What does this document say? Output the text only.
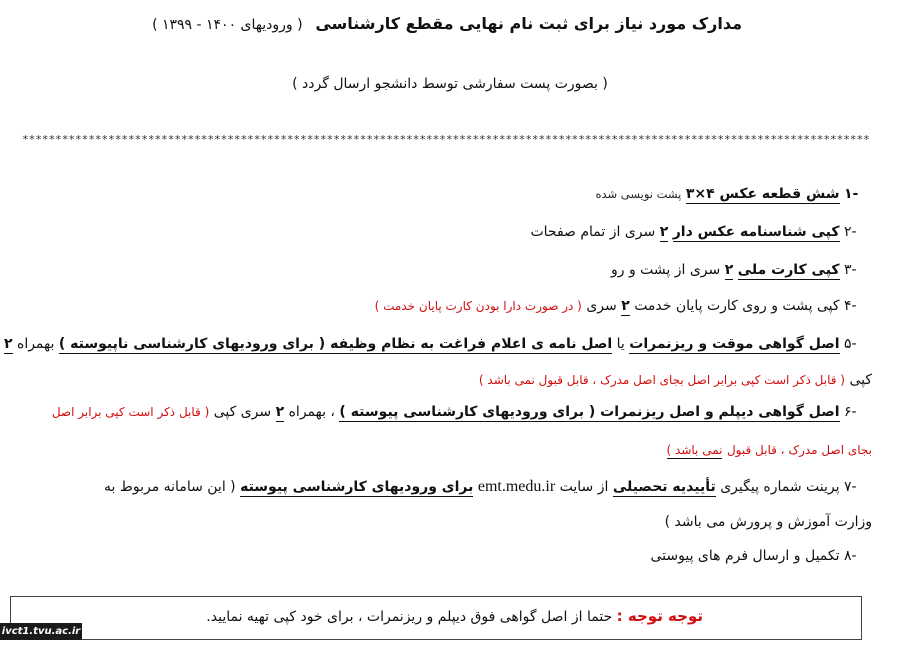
مدارک مورد نیاز برای ثبت نام نهایی مقطع کارشناسی ( ورودیهای ۱۴۰۰ - ۱۳۹۹ )
( بصورت پست سفارشی توسط دانشجو ارسال گردد )
********************************************************************************************************************************
-۱ شش قطعه عکس ۴×۳ پشت نویسی شده
-۲ کپی شناسنامه عکس دار ۲ سری از تمام صفحات
-۳ کپی کارت ملی ۲ سری از پشت و رو
-۴ کپی پشت و روی کارت پایان خدمت ۲ سری ( در صورت دارا بودن کارت پایان خدمت )
-۵ اصل گواهی موقت و ریزنمرات یا اصل نامه ی اعلام فراغت به نظام وظیفه ( برای ورودیهای کارشناسی ناپیوسته ) بهمراه ۲
کپی ( قابل ذکر است کپی برابر اصل بجای اصل مدرک ، قابل قبول نمی باشد )
-۶ اصل گواهی دیپلم و اصل ریزنمرات ( برای ورودیهای کارشناسی پیوسته ) ، بهمراه ۲ سری کپی ( قابل ذکر است کپی برابر اصل
بجای اصل مدرک ، قابل قبول نمی باشد )
-۷ پرینت شماره پیگیری تأییدیه تحصیلی از سایت emt.medu.ir برای ورودیهای کارشناسی پیوسته ( این سامانه مربوط به
وزارت آموزش و پرورش می باشد )
-۸ تکمیل و ارسال فرم های پیوستی
توجه توجه : حتما از اصل گواهی فوق دیپلم و ریزنمرات ، برای خود کپی تهیه نمایید.
ivct1.tvu.ac.ir
